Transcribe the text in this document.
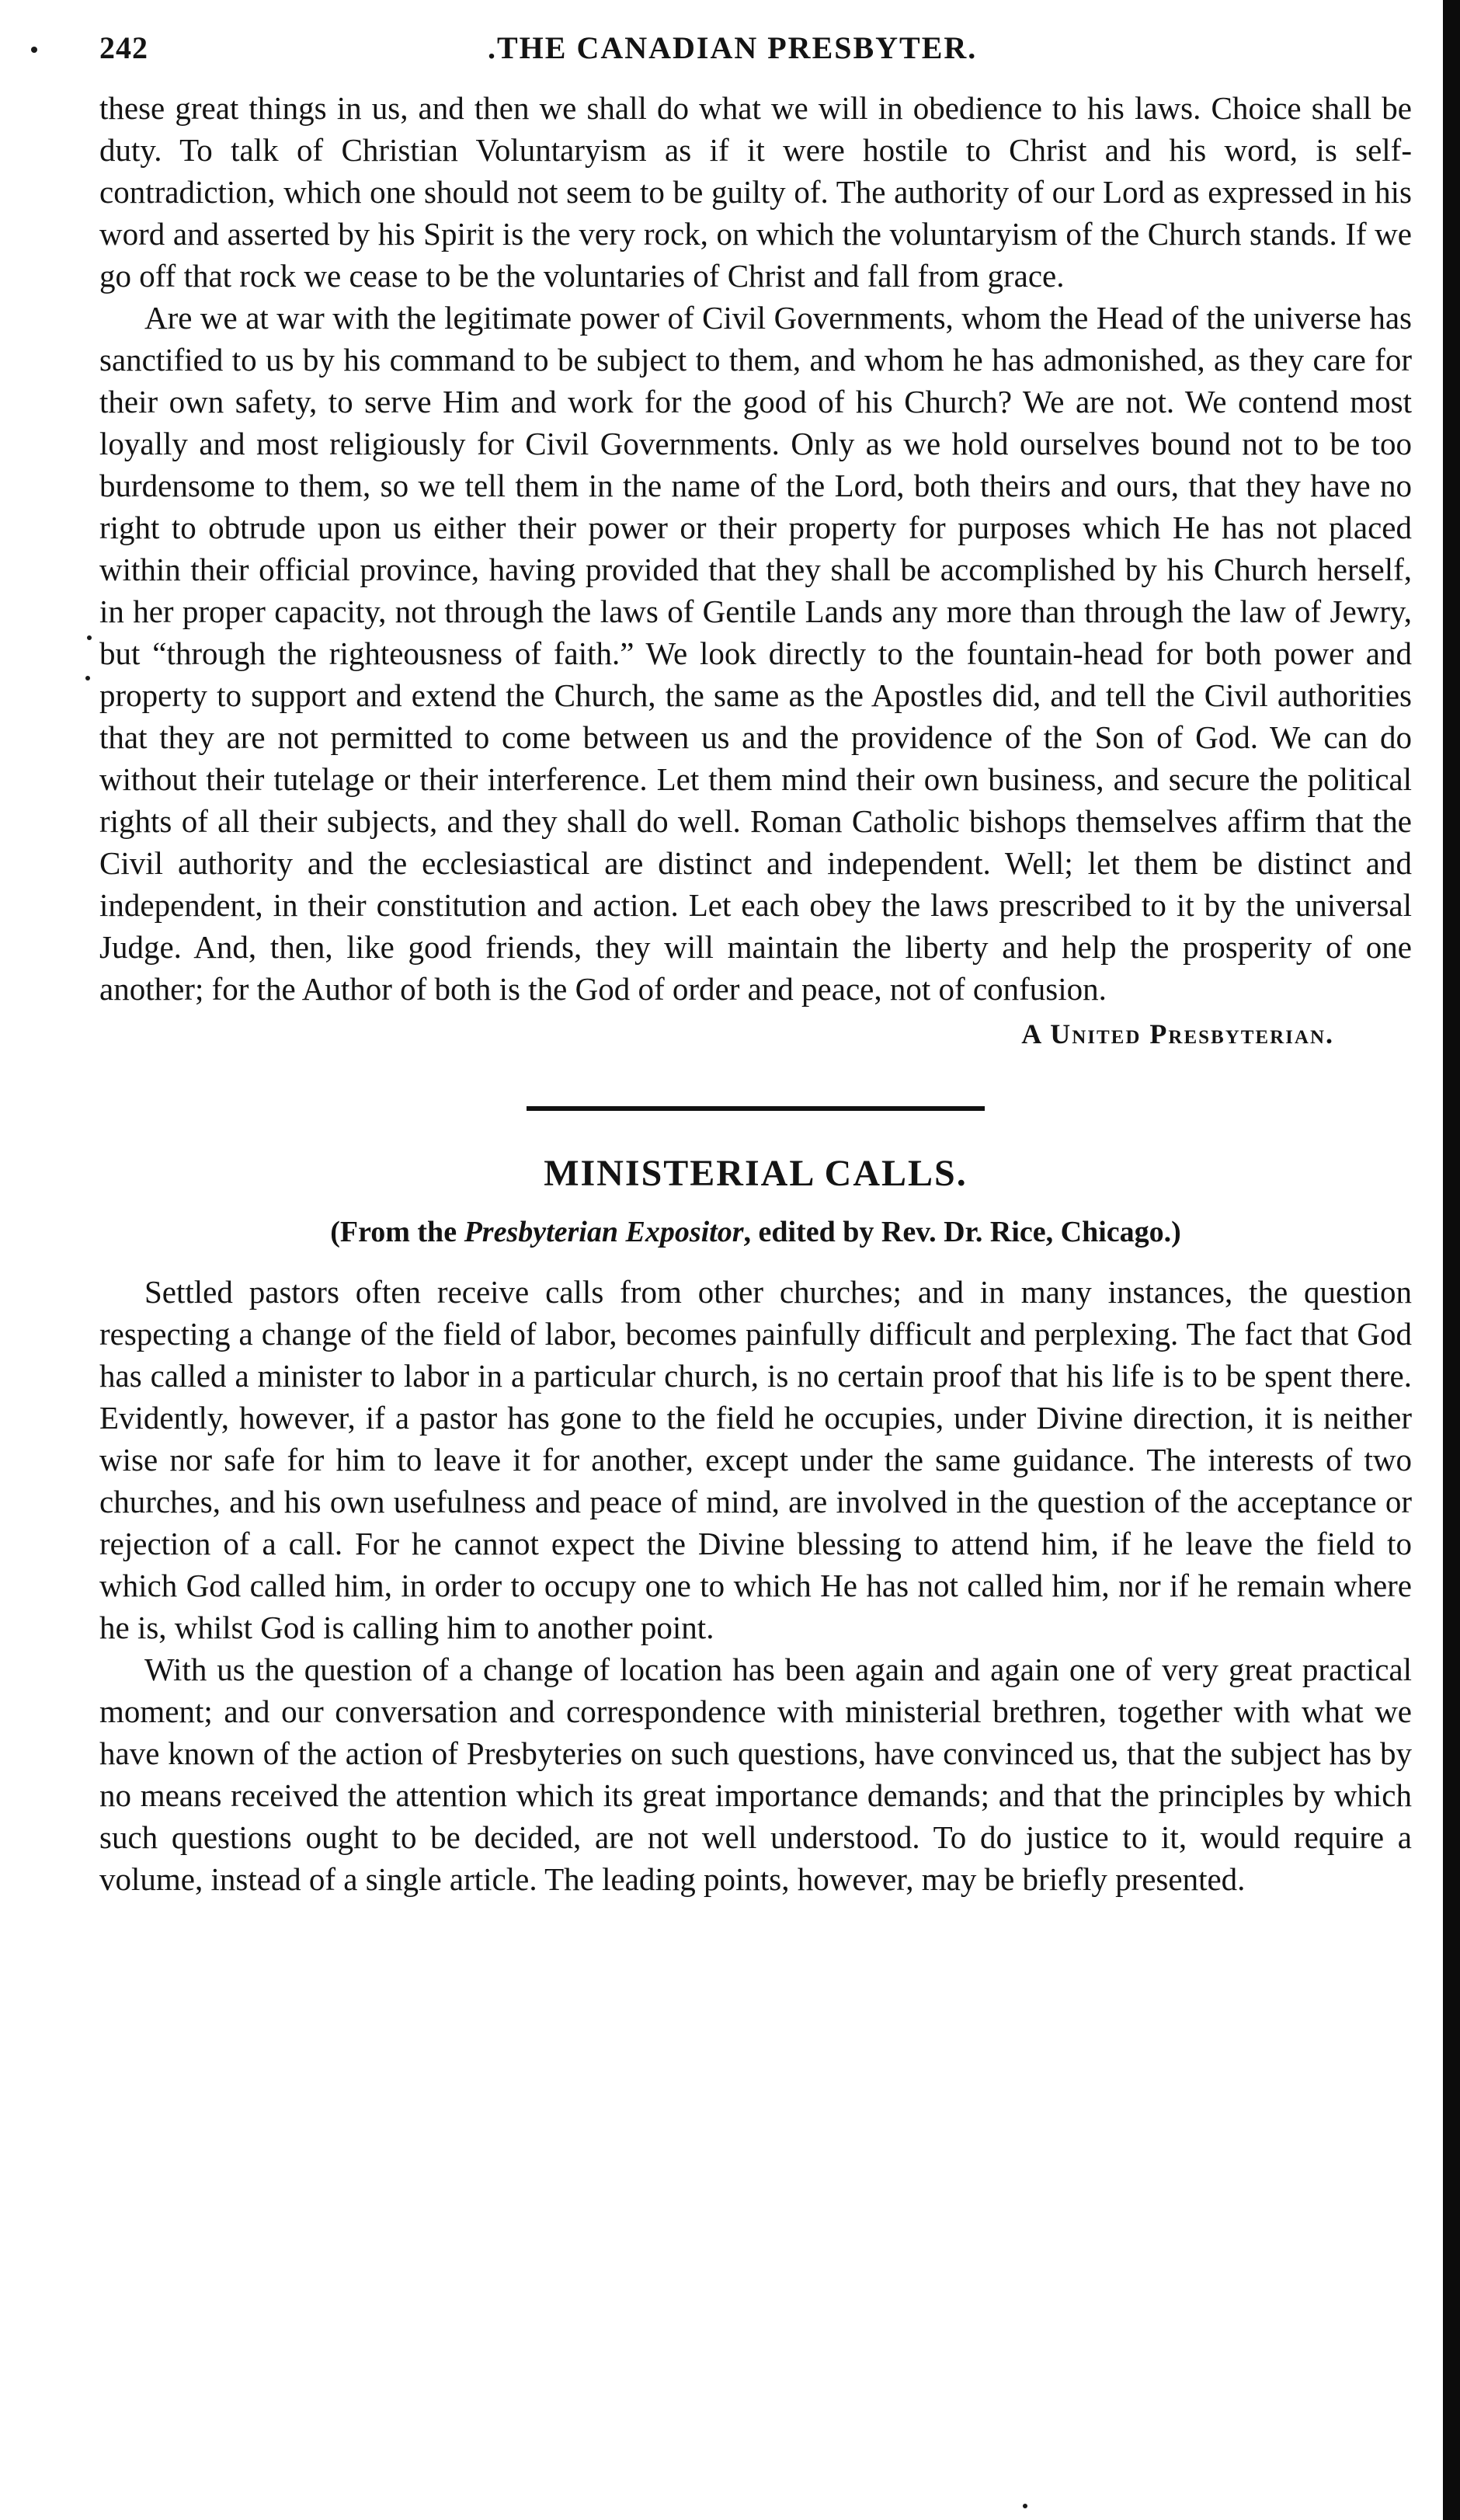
242	.THE CANADIAN PRESBYTER.

these great things in us, and then we shall do what we will in obedience to his laws. Choice shall be duty. To talk of Christian Voluntaryism as if it were hostile to Christ and his word, is self-contradiction, which one should not seem to be guilty of. The authority of our Lord as expressed in his word and asserted by his Spirit is the very rock, on which the voluntaryism of the Church stands. If we go off that rock we cease to be the voluntaries of Christ and fall from grace.

Are we at war with the legitimate power of Civil Governments, whom the Head of the universe has sanctified to us by his command to be subject to them, and whom he has admonished, as they care for their own safety, to serve Him and work for the good of his Church? We are not. We contend most loyally and most religiously for Civil Governments. Only as we hold ourselves bound not to be too burdensome to them, so we tell them in the name of the Lord, both theirs and ours, that they have no right to obtrude upon us either their power or their property for purposes which He has not placed within their official province, having provided that they shall be accomplished by his Church herself, in her proper capacity, not through the laws of Gentile Lands any more than through the law of Jewry, but “through the righteousness of faith.” We look directly to the fountain-head for both power and property to support and extend the Church, the same as the Apostles did, and tell the Civil authorities that they are not permitted to come between us and the providence of the Son of God. We can do without their tutelage or their interference. Let them mind their own business, and secure the political rights of all their subjects, and they shall do well. Roman Catholic bishops themselves affirm that the Civil authority and the ecclesiastical are distinct and independent. Well; let them be distinct and independent, in their constitution and action. Let each obey the laws prescribed to it by the universal Judge. And, then, like good friends, they will maintain the liberty and help the prosperity of one another; for the Author of both is the God of order and peace, not of confusion.

A United Presbyterian.

MINISTERIAL CALLS.

(From the Presbyterian Expositor, edited by Rev. Dr. Rice, Chicago.)

Settled pastors often receive calls from other churches; and in many instances, the question respecting a change of the field of labor, becomes painfully difficult and perplexing. The fact that God has called a minister to labor in a particular church, is no certain proof that his life is to be spent there. Evidently, however, if a pastor has gone to the field he occupies, under Divine direction, it is neither wise nor safe for him to leave it for another, except under the same guidance. The interests of two churches, and his own usefulness and peace of mind, are involved in the question of the acceptance or rejection of a call. For he cannot expect the Divine blessing to attend him, if he leave the field to which God called him, in order to occupy one to which He has not called him, nor if he remain where he is, whilst God is calling him to another point.

With us the question of a change of location has been again and again one of very great practical moment; and our conversation and correspondence with ministerial brethren, together with what we have known of the action of Presbyteries on such questions, have convinced us, that the subject has by no means received the attention which its great importance demands; and that the principles by which such questions ought to be decided, are not well understood. To do justice to it, would require a volume, instead of a single article. The leading points, however, may be briefly presented.
